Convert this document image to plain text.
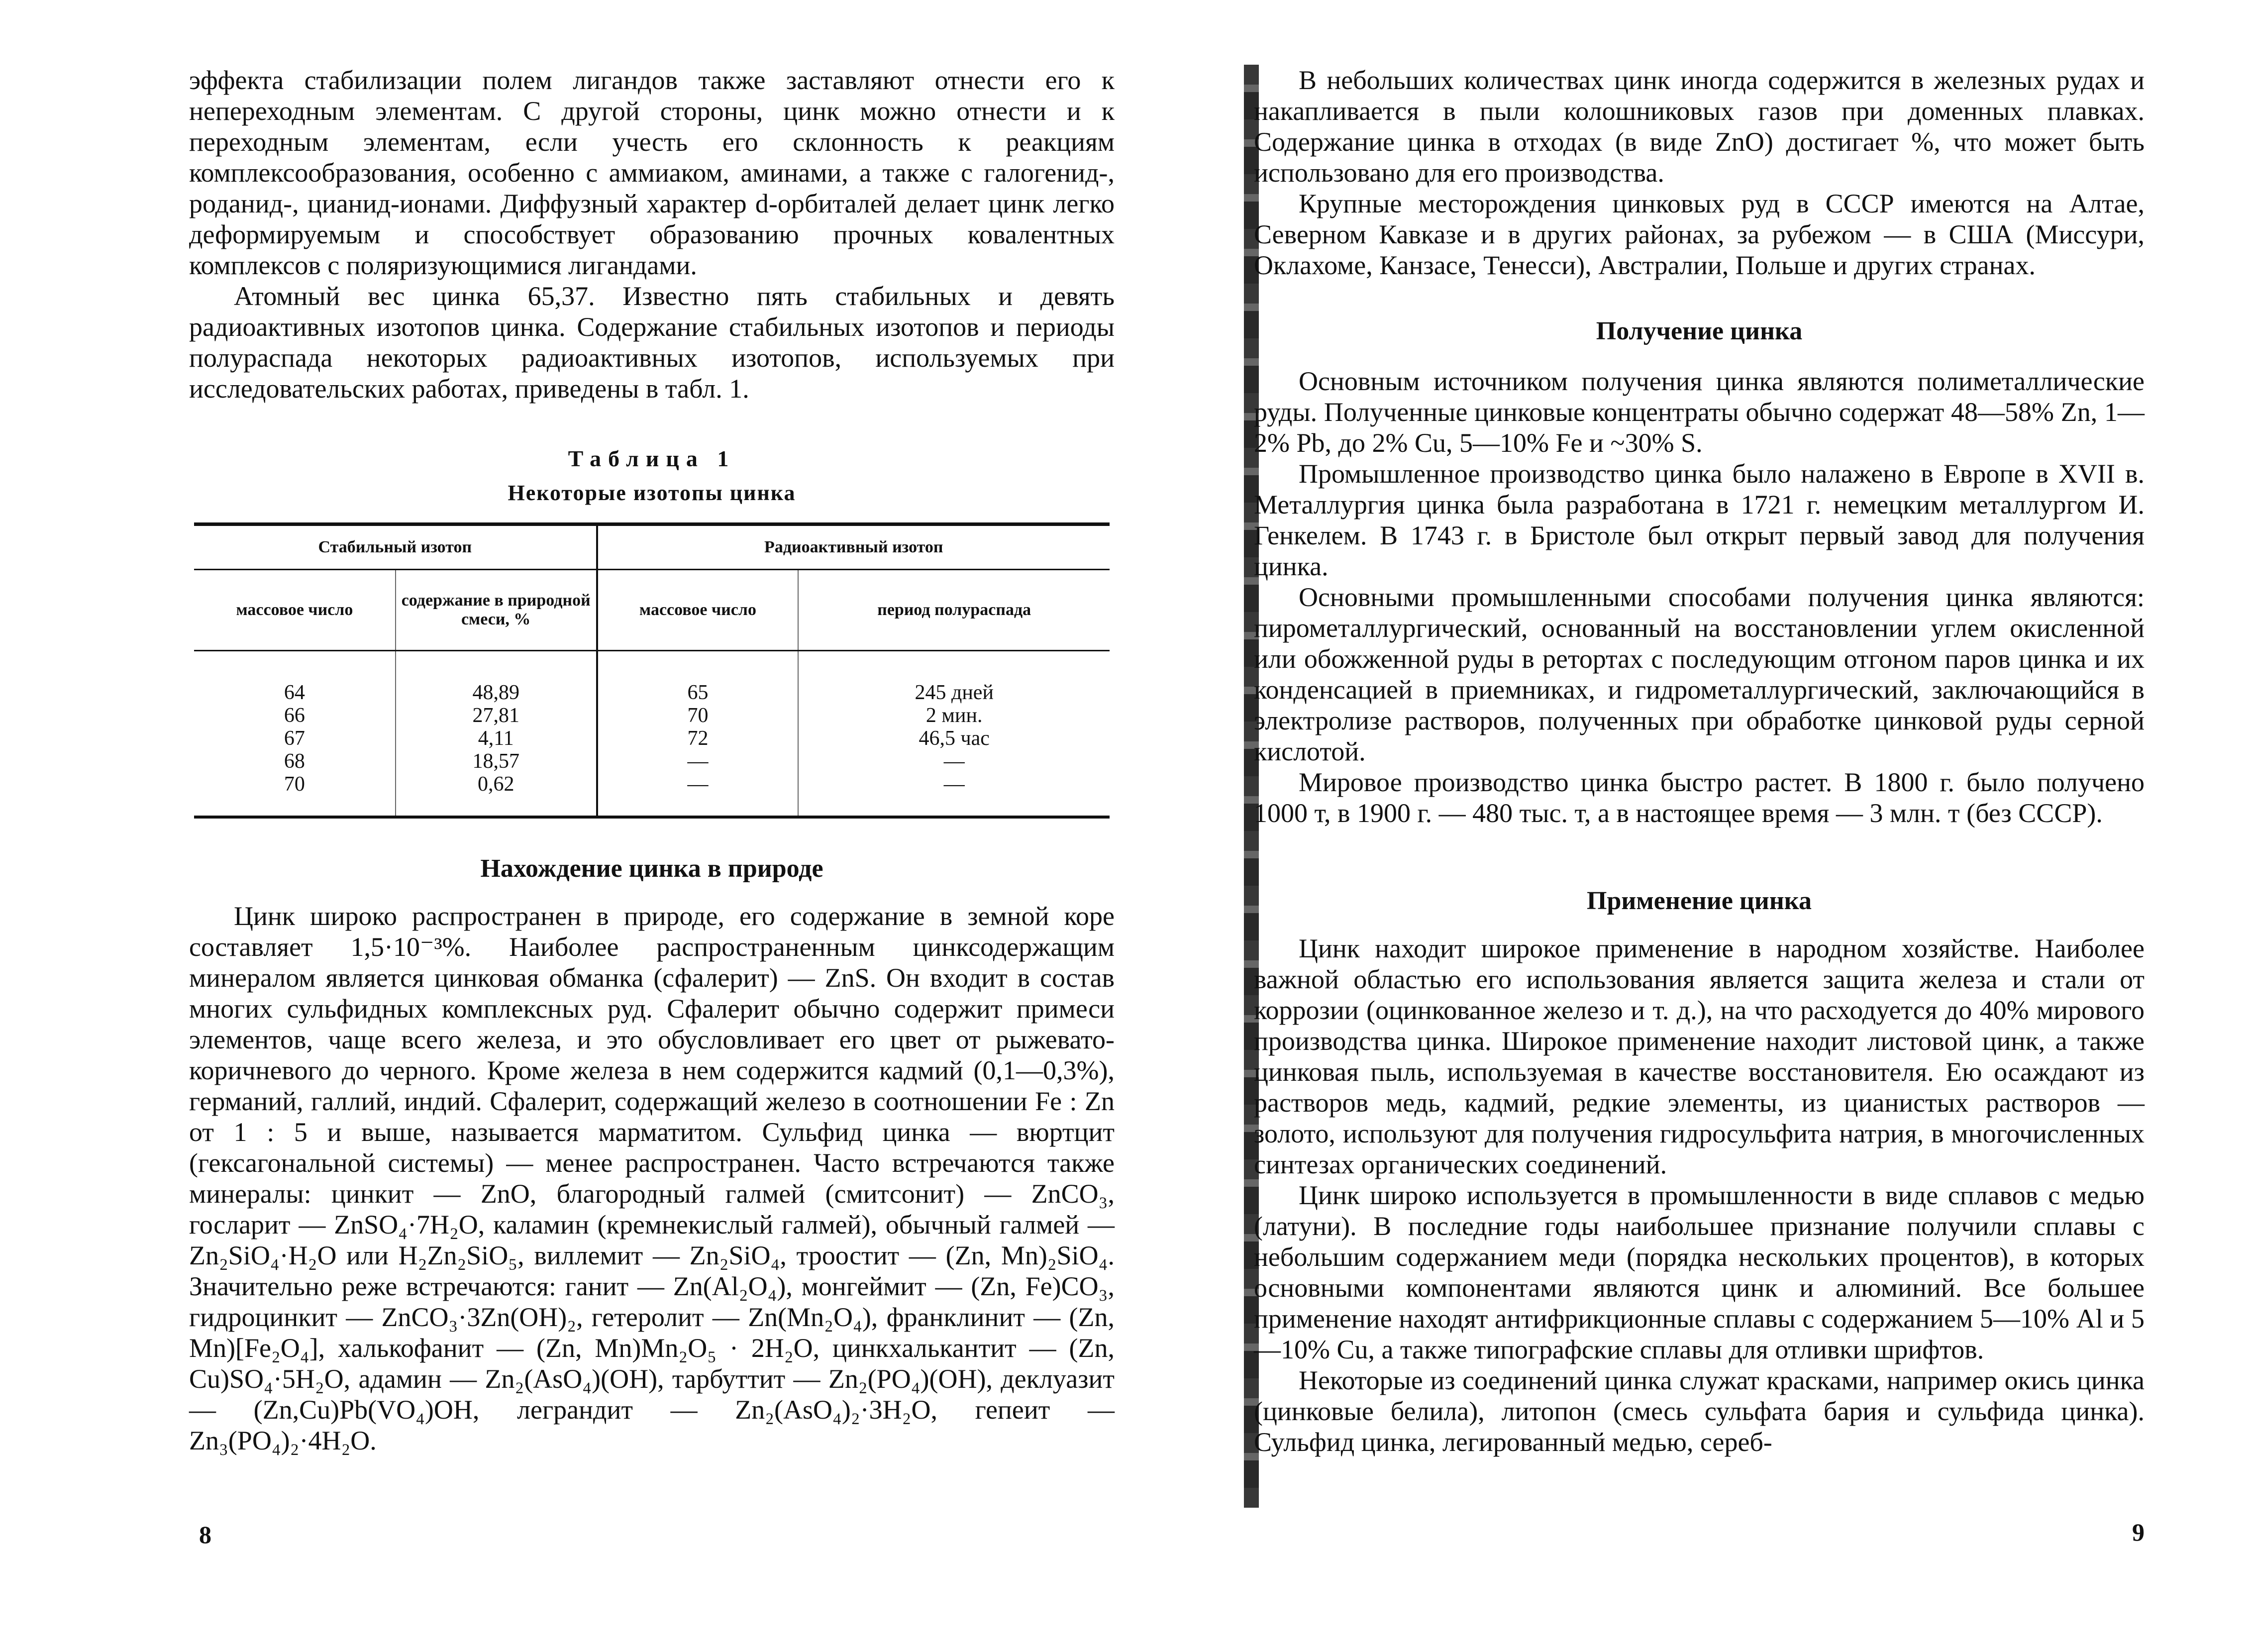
эффекта стабилизации полем лигандов также заставляют отнести его к непереходным элементам. С другой стороны, цинк можно отнести и к переходным элементам, если учесть его склонность к реакциям комплексообразования, особенно с аммиаком, аминами, а также с галогенид-, роданид-, цианид-ионами. Диффузный характер d-орбиталей делает цинк легко деформируемым и способствует образованию прочных ковалентных комплексов с поляризующимися лигандами.

Атомный вес цинка 65,37. Известно пять стабильных и девять радиоактивных изотопов цинка. Содержание стабильных изотопов и периоды полураспада некоторых радиоактивных изотопов, используемых при исследовательских работах, приведены в табл. 1.

Таблица 1
Некоторые изотопы цинка
Стабильный изотоп		Радиоактивный изотоп	
массовое число	содержание в природной смеси, %	массовое число	период полураспада
64	48,89	65	245 дней
66	27,81	70	2 мин.
67	4,11	72	46,5 час
68	18,57	—	—
70	0,62	—	—
Нахождение цинка в природе

Цинк широко распространен в природе, его содержание в земной коре составляет 1,5·10⁻³%. Наиболее распространенным цинксодержащим минералом является цинковая обманка (сфалерит) — ZnS. Он входит в состав многих сульфидных комплексных руд. Сфалерит обычно содержит примеси элементов, чаще всего железа, и это обусловливает его цвет от рыжевато-коричневого до черного. Кроме железа в нем содержится кадмий (0,1—0,3%), германий, галлий, индий. Сфалерит, содержащий железо в соотношении Fe : Zn от 1 : 5 и выше, называется марматитом. Сульфид цинка — вюртцит (гексагональной системы) — менее распространен. Часто встречаются также минералы: цинкит — ZnO, благородный галмей (смитсонит) — ZnCO₃, госларит — ZnSO₄·7H₂O, каламин (кремнекислый галмей), обычный галмей — Zn₂SiO₄·H₂O или H₂Zn₂SiO₅, виллемит — Zn₂SiO₄, троостит — (Zn, Mn)₂SiO₄. Значительно реже встречаются: ганит — Zn(Al₂O₄), монгеймит — (Zn, Fe)CO₃, гидроцинкит — ZnCO₃·3Zn(OH)₂, гетеролит — Zn(Mn₂O₄), франклинит — (Zn, Mn)[Fe₂O₄], халькофанит — (Zn, Mn)Mn₂O₅ · 2H₂O, цинкхалькантит — (Zn, Cu)SO₄·5H₂O, адамин — Zn₂(AsO₄)(OH), тарбуттит — Zn₂(PO₄)(OH), деклуазит — (Zn,Cu)Pb(VO₄)OH, леграндит — Zn₂(AsO₄)₂·3H₂O, гепеит —Zn₃(PO₄)₂·4H₂O.

8

В небольших количествах цинк иногда содержится в железных рудах и накапливается в пыли колошниковых газов при доменных плавках. Содержание цинка в отходах (в виде ZnO) достигает %, что может быть использовано для его производства.

Крупные месторождения цинковых руд в СССР имеются на Алтае, Северном Кавказе и в других районах, за рубежом — в США (Миссури, Оклахоме, Канзасе, Тенесси), Австралии, Польше и других странах.

Получение цинка

Основным источником получения цинка являются полиметаллические руды. Полученные цинковые концентраты обычно содержат 48—58% Zn, 1—2% Pb, до 2% Cu, 5—10% Fe и ~30% S.

Промышленное производство цинка было налажено в Европе в XVII в. Металлургия цинка была разработана в 1721 г. немецким металлургом И. Генкелем. В 1743 г. в Бристоле был открыт первый завод для получения цинка.

Основными промышленными способами получения цинка являются: пирометаллургический, основанный на восстановлении углем окисленной или обожженной руды в ретортах с последующим отгоном паров цинка и их конденсацией в приемниках, и гидрометаллургический, заключающийся в электролизе растворов, полученных при обработке цинковой руды серной кислотой.

Мировое производство цинка быстро растет. В 1800 г. было получено 1000 т, в 1900 г. — 480 тыс. т, а в настоящее время — 3 млн. т (без СССР).

Применение цинка

Цинк находит широкое применение в народном хозяйстве. Наиболее важной областью его использования является защита железа и стали от коррозии (оцинкованное железо и т. д.), на что расходуется до 40% мирового производства цинка. Широкое применение находит листовой цинк, а также цинковая пыль, используемая в качестве восстановителя. Ею осаждают из растворов медь, кадмий, редкие элементы, из цианистых растворов — золото, используют для получения гидросульфита натрия, в многочисленных синтезах органических соединений.

Цинк широко используется в промышленности в виде сплавов с медью (латуни). В последние годы наибольшее признание получили сплавы с небольшим содержанием меди (порядка нескольких процентов), в которых основными компонентами являются цинк и алюминий. Все большее применение находят антифрикционные сплавы с содержанием 5—10% Al и 5—10% Cu, а также типографские сплавы для отливки шрифтов.

Некоторые из соединений цинка служат красками, например окись цинка (цинковые белила), литопон (смесь сульфата бария и сульфида цинка). Сульфид цинка, легированный медью, сереб-

9
